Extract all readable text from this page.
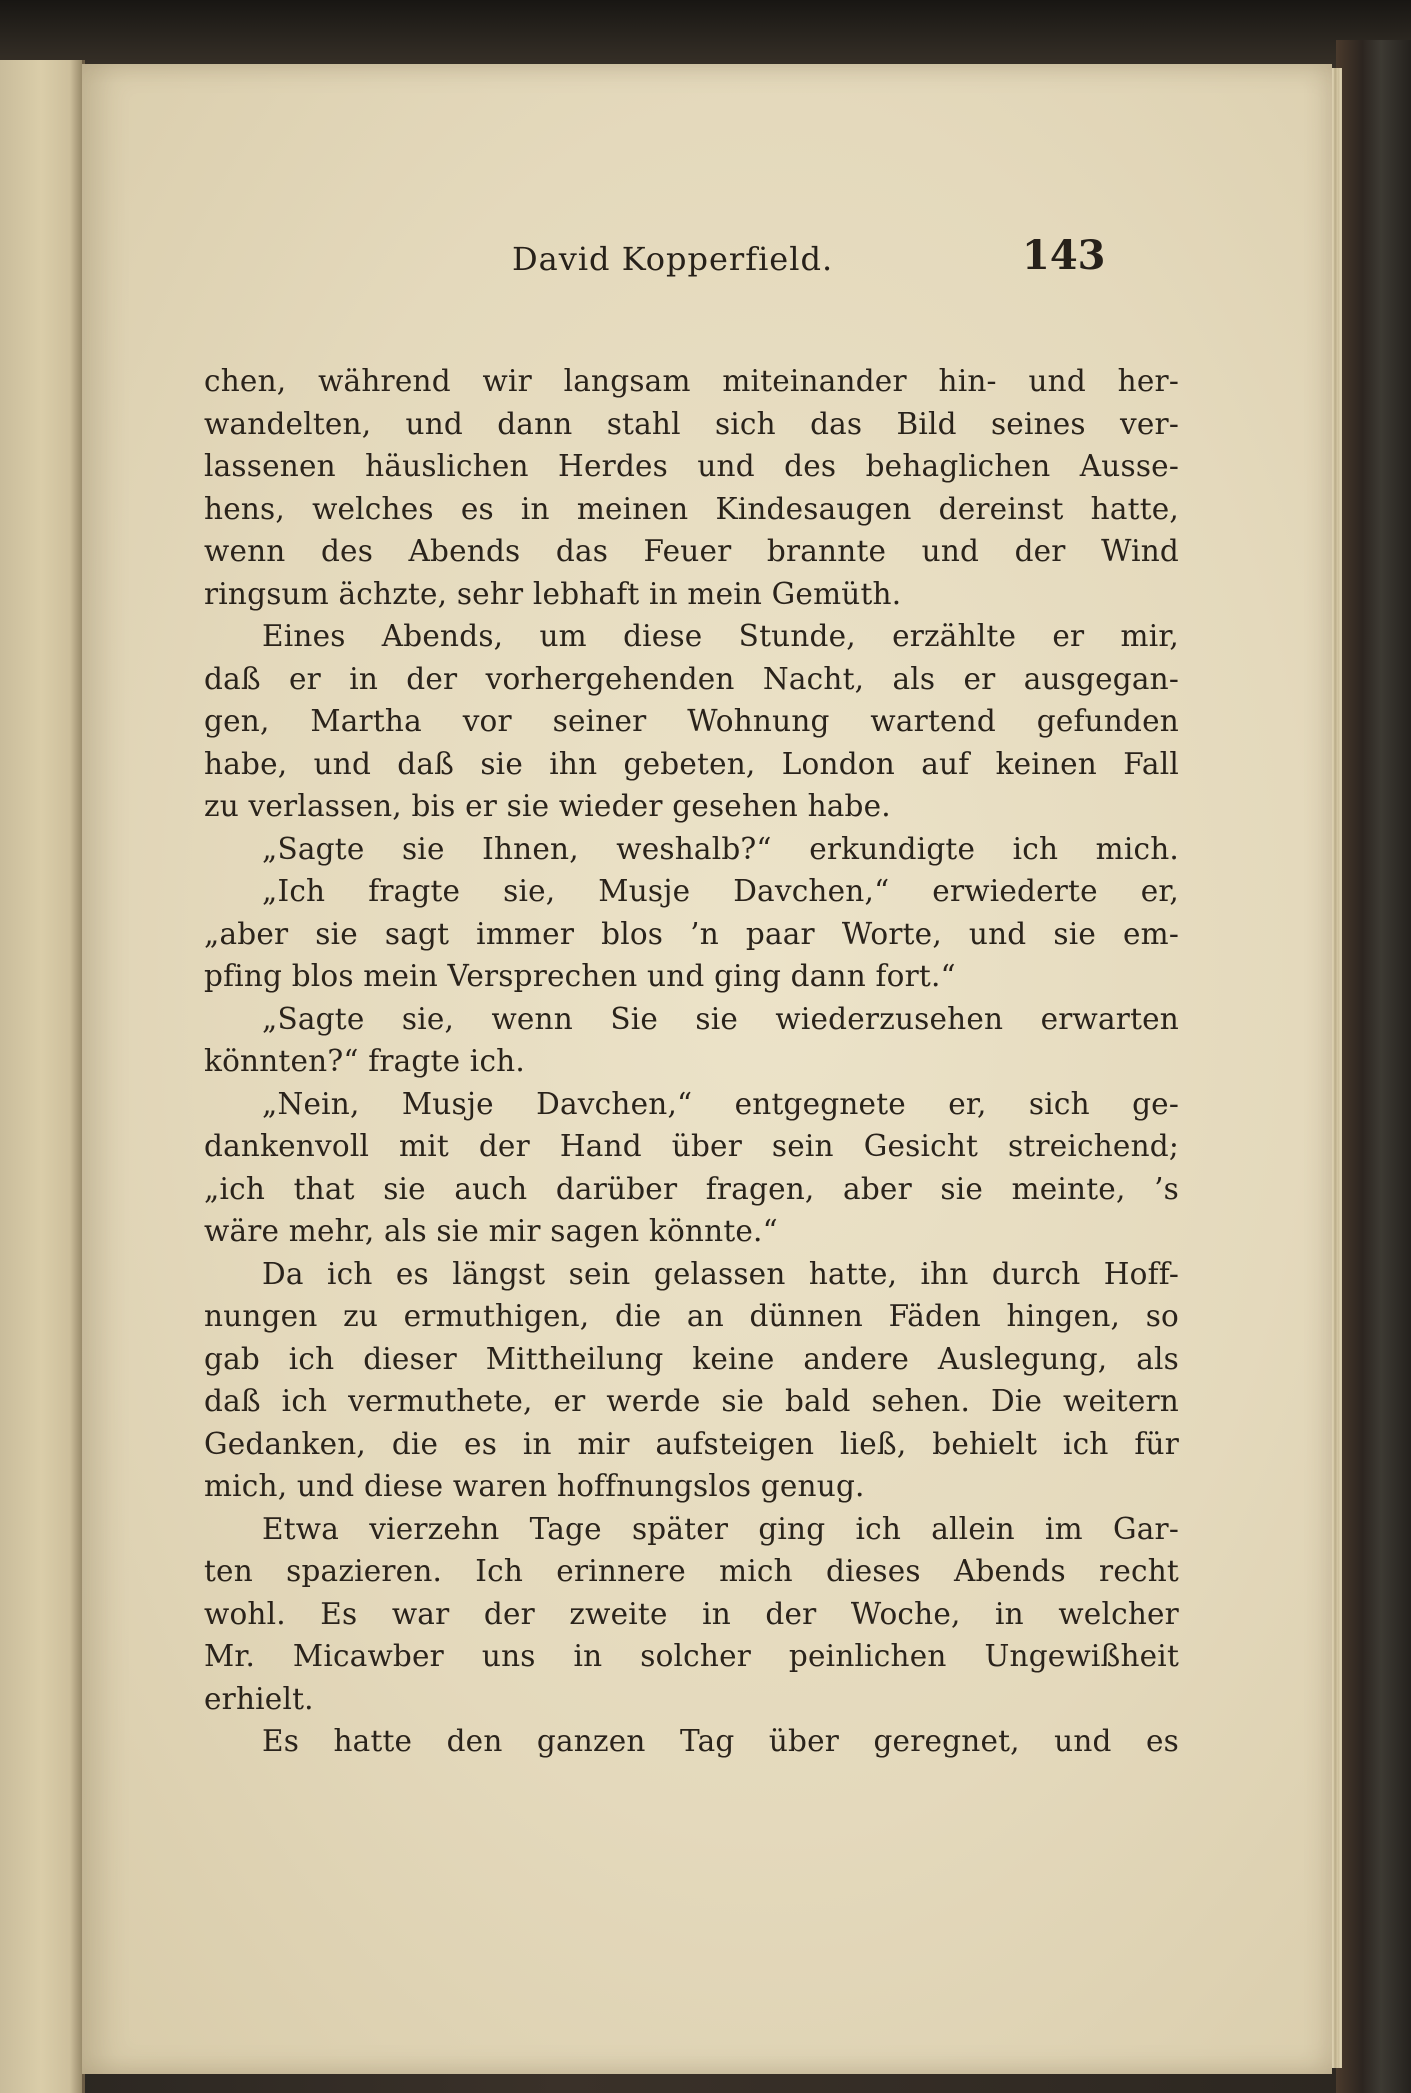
David Kopperfield.	143
chen, während wir langsam miteinander hin- und her-
wandelten, und dann stahl sich das Bild seines ver-
lassenen häuslichen Herdes und des behaglichen Ausse-
hens, welches es in meinen Kindesaugen dereinst hatte,
wenn des Abends das Feuer brannte und der Wind
ringsum ächzte, sehr lebhaft in mein Gemüth.
Eines Abends, um diese Stunde, erzählte er mir,
daß er in der vorhergehenden Nacht, als er ausgegan-
gen, Martha vor seiner Wohnung wartend gefunden
habe, und daß sie ihn gebeten, London auf keinen Fall
zu verlassen, bis er sie wieder gesehen habe.
„Sagte sie Ihnen, weshalb?“ erkundigte ich mich.
„Ich fragte sie, Musje Davchen,“ erwiederte er,
„aber sie sagt immer blos ’n paar Worte, und sie em-
pfing blos mein Versprechen und ging dann fort.“
„Sagte sie, wenn Sie sie wiederzusehen erwarten
könnten?“ fragte ich.
„Nein, Musje Davchen,“ entgegnete er, sich ge-
dankenvoll mit der Hand über sein Gesicht streichend;
„ich that sie auch darüber fragen, aber sie meinte, ’s
wäre mehr, als sie mir sagen könnte.“
Da ich es längst sein gelassen hatte, ihn durch Hoff-
nungen zu ermuthigen, die an dünnen Fäden hingen, so
gab ich dieser Mittheilung keine andere Auslegung, als
daß ich vermuthete, er werde sie bald sehen. Die weitern
Gedanken, die es in mir aufsteigen ließ, behielt ich für
mich, und diese waren hoffnungslos genug.
Etwa vierzehn Tage später ging ich allein im Gar-
ten spazieren. Ich erinnere mich dieses Abends recht
wohl. Es war der zweite in der Woche, in welcher
Mr. Micawber uns in solcher peinlichen Ungewißheit
erhielt.
Es hatte den ganzen Tag über geregnet, und es
